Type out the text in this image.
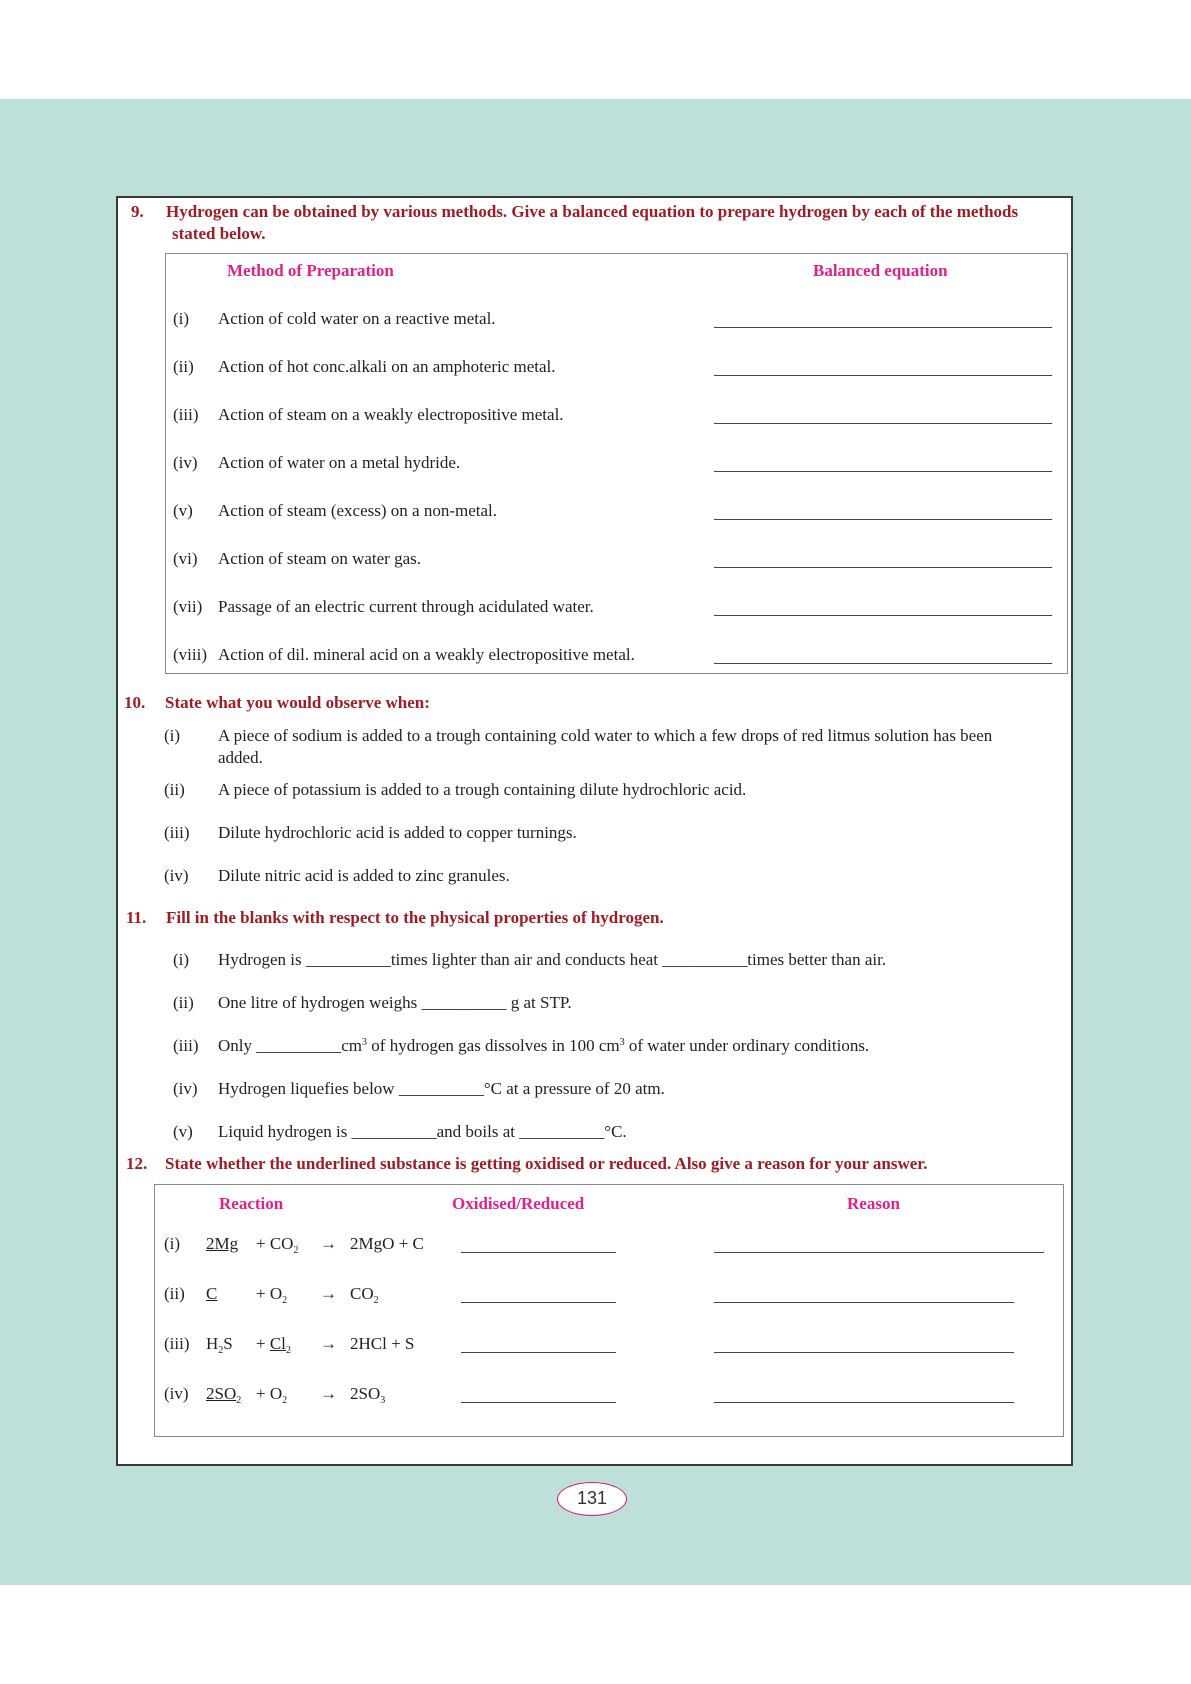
9. Hydrogen can be obtained by various methods. Give a balanced equation to prepare hydrogen by each of the methods
stated below.
Method of Preparation	Balanced equation
(i) Action of cold water on a reactive metal.
(ii) Action of hot conc.alkali on an amphoteric metal.
(iii) Action of steam on a weakly electropositive metal.
(iv) Action of water on a metal hydride.
(v) Action of steam (excess) on a non-metal.
(vi) Action of steam on water gas.
(vii) Passage of an electric current through acidulated water.
(viii) Action of dil. mineral acid on a weakly electropositive metal.
10. State what you would observe when:
(i) A piece of sodium is added to a trough containing cold water to which a few drops of red litmus solution has been
added.
(ii) A piece of potassium is added to a trough containing dilute hydrochloric acid.
(iii) Dilute hydrochloric acid is added to copper turnings.
(iv) Dilute nitric acid is added to zinc granules.
11. Fill in the blanks with respect to the physical properties of hydrogen.
(i) Hydrogen is __________times lighter than air and conducts heat __________times better than air.
(ii) One litre of hydrogen weighs __________ g at STP.
(iii) Only $\_\_\_\_\_\_\_\_\_\_cm^3$ of hydrogen gas dissolves in 100 $cm^3$ of water under ordinary conditions.
(iv) Hydrogen liquefies below __________°C at a pressure of 20 atm.
(v) Liquid hydrogen is __________and boils at __________°C.
12. State whether the underlined substance is getting oxidised or reduced. Also give a reason for your answer.
Reaction	Oxidised/Reduced	Reason
(i) $2Mg + CO_2 \to 2MgO + C$
(ii) $C + O_2 \to CO_2$
(iii) $H_2S + Cl_2 \to 2HCl + S$
(iv) $2SO_2 + O_2 \to 2SO_3$
131
